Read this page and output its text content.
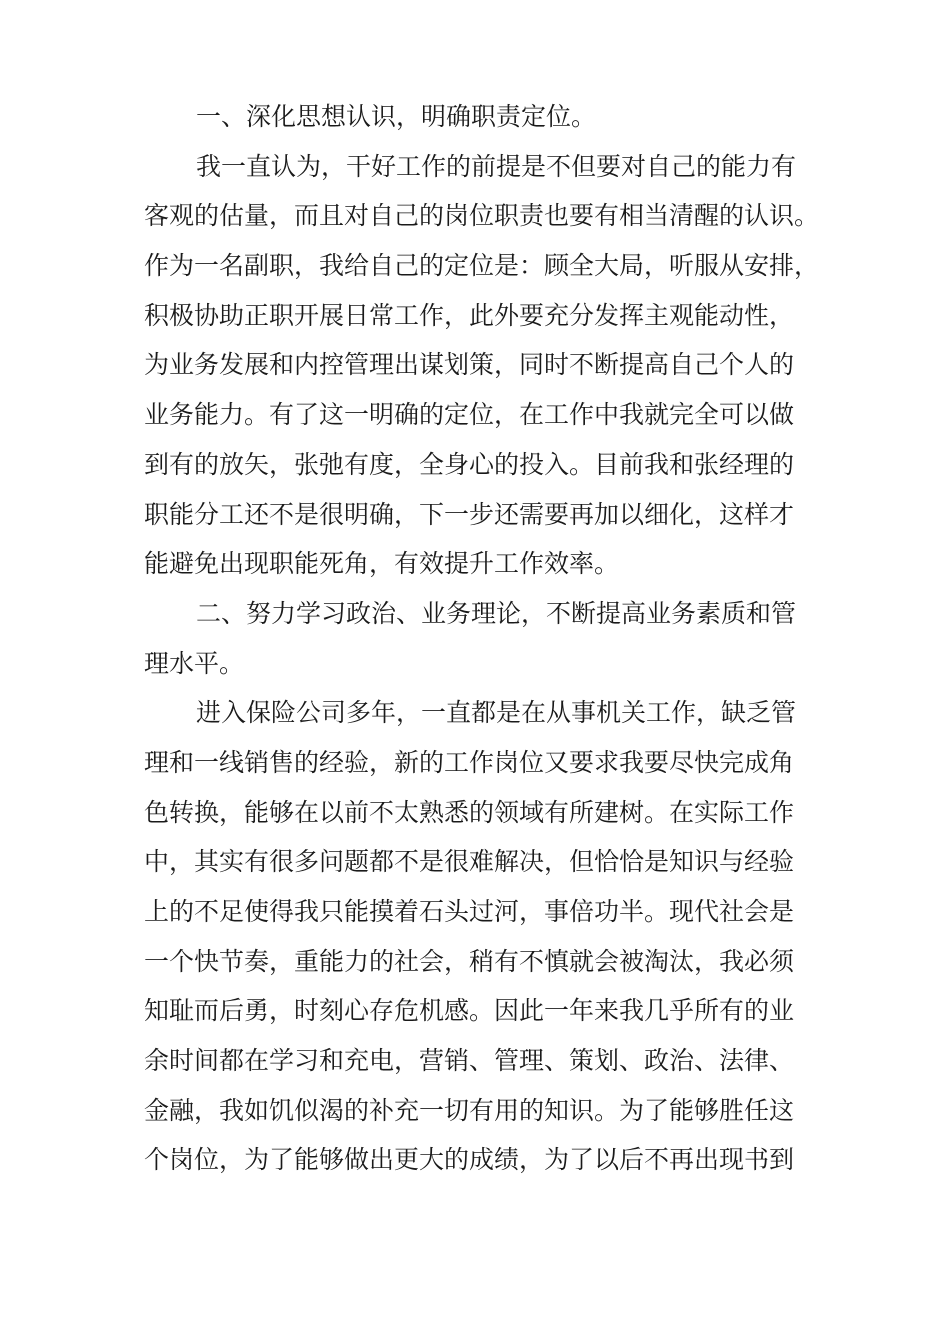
一、深化思想认识，明确职责定位。
我一直认为，干好工作的前提是不但要对自己的能力有
客观的估量，而且对自己的岗位职责也要有相当清醒的认识。
作为一名副职，我给自己的定位是：顾全大局，听服从安排，
积极协助正职开展日常工作，此外要充分发挥主观能动性，
为业务发展和内控管理出谋划策，同时不断提高自己个人的
业务能力。有了这一明确的定位，在工作中我就完全可以做
到有的放矢，张弛有度，全身心的投入。目前我和张经理的
职能分工还不是很明确，下一步还需要再加以细化，这样才
能避免出现职能死角，有效提升工作效率。
二、努力学习政治、业务理论，不断提高业务素质和管
理水平。
进入保险公司多年，一直都是在从事机关工作，缺乏管
理和一线销售的经验，新的工作岗位又要求我要尽快完成角
色转换，能够在以前不太熟悉的领域有所建树。在实际工作
中，其实有很多问题都不是很难解决，但恰恰是知识与经验
上的不足使得我只能摸着石头过河，事倍功半。现代社会是
一个快节奏，重能力的社会，稍有不慎就会被淘汰，我必须
知耻而后勇，时刻心存危机感。因此一年来我几乎所有的业
余时间都在学习和充电，营销、管理、策划、政治、法律、
金融，我如饥似渴的补充一切有用的知识。为了能够胜任这
个岗位，为了能够做出更大的成绩，为了以后不再出现书到
